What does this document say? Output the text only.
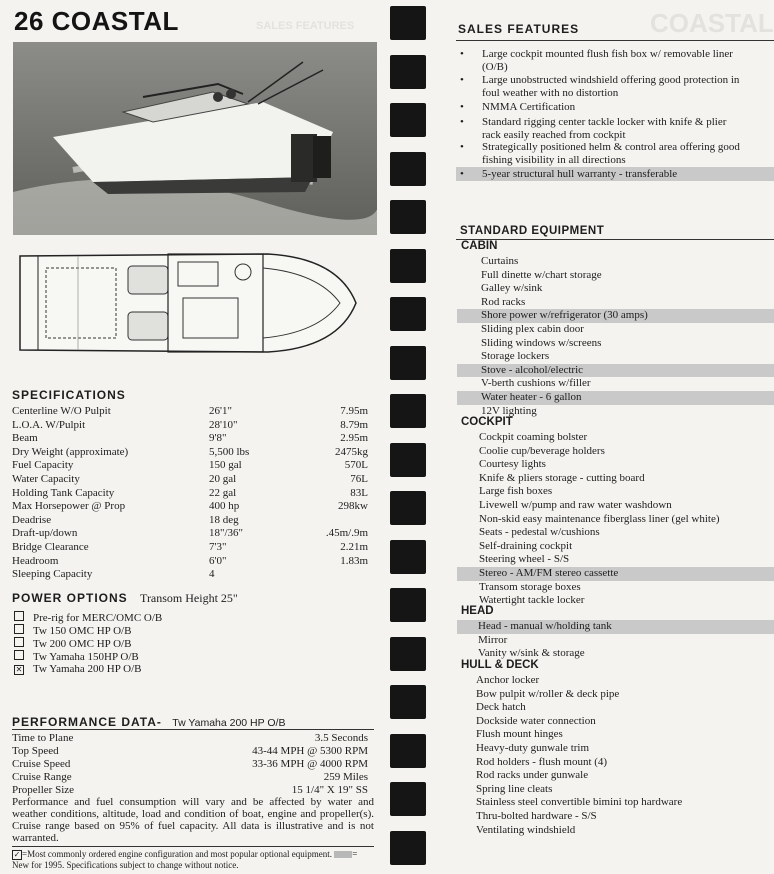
COASTAL
SALES FEATURES
26 COASTAL
SPECIFICATIONS
Centerline W/O Pulpit	26'1"	7.95m
L.O.A. W/Pulpit	28'10"	8.79m
Beam	9'8"	2.95m
Dry Weight (approximate)	5,500 lbs	2475kg
Fuel Capacity	150 gal	570L
Water Capacity	20 gal	76L
Holding Tank Capacity	22 gal	83L
Max Horsepower @ Prop	400 hp	298kw
Deadrise	18 deg
Draft-up/down	18"/36"	.45m/.9m
Bridge Clearance	7'3"	2.21m
Headroom	6'0"	1.83m
Sleeping Capacity	4
POWER OPTIONS Transom Height 25"
Pre-rig for MERC/OMC O/B
Tw 150 OMC HP O/B
Tw 200 OMC HP O/B
Tw Yamaha 150HP O/B
✕ Tw Yamaha 200 HP O/B
PERFORMANCE DATA- Tw Yamaha 200 HP O/B
Time to Plane	3.5 Seconds
Top Speed	43-44 MPH @ 5300 RPM
Cruise Speed	33-36 MPH @ 4000 RPM
Cruise Range	259 Miles
Propeller Size	15 1/4" X 19" SS
Performance and fuel consumption will vary and be affected by water and weather conditions, altitude, load and condition of boat, engine and propeller(s). Cruise range based on 95% of fuel capacity. All data is illustrative and is not warranted.
✓ =Most commonly ordered engine configuration and most popular optional equipment. = New for 1995. Specifications subject to change without notice.
SALES FEATURES
• Large cockpit mounted flush fish box w/ removable liner (O/B)
• Large unobstructed windshield offering good protection in foul weather with no distortion
• NMMA Certification
• Standard rigging center tackle locker with knife & plier rack easily reached from cockpit
• Strategically positioned helm & control area offering good fishing visibility in all directions
• 5-year structural hull warranty - transferable
STANDARD EQUIPMENT
CABIN
Curtains
Full dinette w/chart storage
Galley w/sink
Rod racks
Shore power w/refrigerator (30 amps)
Sliding plex cabin door
Sliding windows w/screens
Storage lockers
Stove - alcohol/electric
V-berth cushions w/filler
Water heater - 6 gallon
12V lighting
COCKPIT
Cockpit coaming bolster
Coolie cup/beverage holders
Courtesy lights
Knife & pliers storage - cutting board
Large fish boxes
Livewell w/pump and raw water washdown
Non-skid easy maintenance fiberglass liner (gel white)
Seats - pedestal w/cushions
Self-draining cockpit
Steering wheel - S/S
Stereo - AM/FM stereo cassette
Transom storage boxes
Watertight tackle locker
HEAD
Head - manual w/holding tank
Mirror
Vanity w/sink & storage
HULL & DECK
Anchor locker
Bow pulpit w/roller & deck pipe
Deck hatch
Dockside water connection
Flush mount hinges
Heavy-duty gunwale trim
Rod holders - flush mount (4)
Rod racks under gunwale
Spring line cleats
Stainless steel convertible bimini top hardware
Thru-bolted hardware - S/S
Ventilating windshield
